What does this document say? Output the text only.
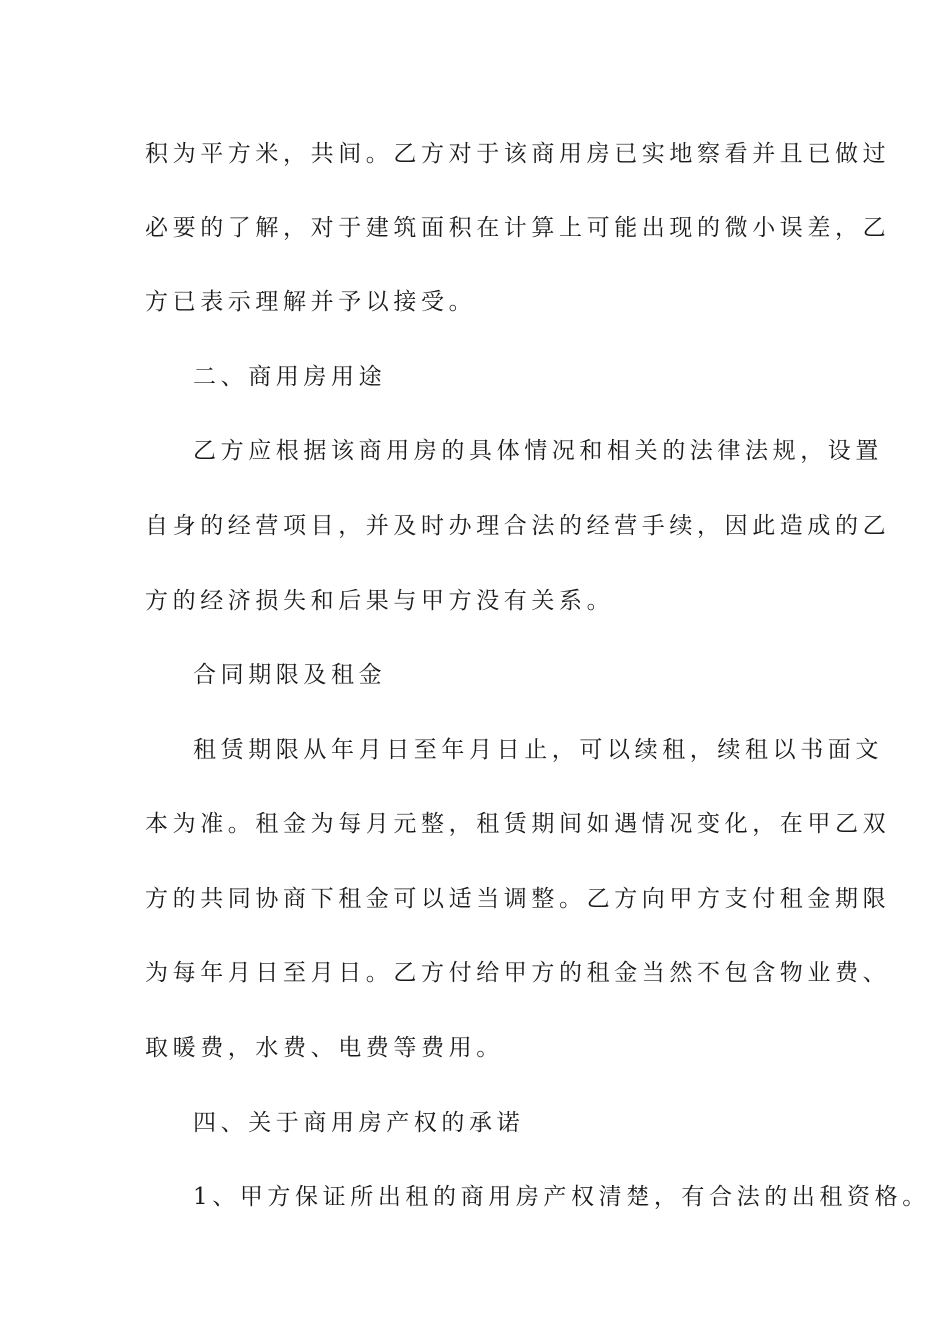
积为平方米，共间。乙方对于该商用房已实地察看并且已做过
必要的了解，对于建筑面积在计算上可能出现的微小误差，乙
方已表示理解并予以接受。
二、商用房用途
乙方应根据该商用房的具体情况和相关的法律法规，设置
自身的经营项目，并及时办理合法的经营手续，因此造成的乙
方的经济损失和后果与甲方没有关系。
合同期限及租金
租赁期限从年月日至年月日止，可以续租，续租以书面文
本为准。租金为每月元整，租赁期间如遇情况变化，在甲乙双
方的共同协商下租金可以适当调整。乙方向甲方支付租金期限
为每年月日至月日。乙方付给甲方的租金当然不包含物业费、
取暖费，水费、电费等费用。
四、关于商用房产权的承诺
1、甲方保证所出租的商用房产权清楚，有合法的出租资格。
